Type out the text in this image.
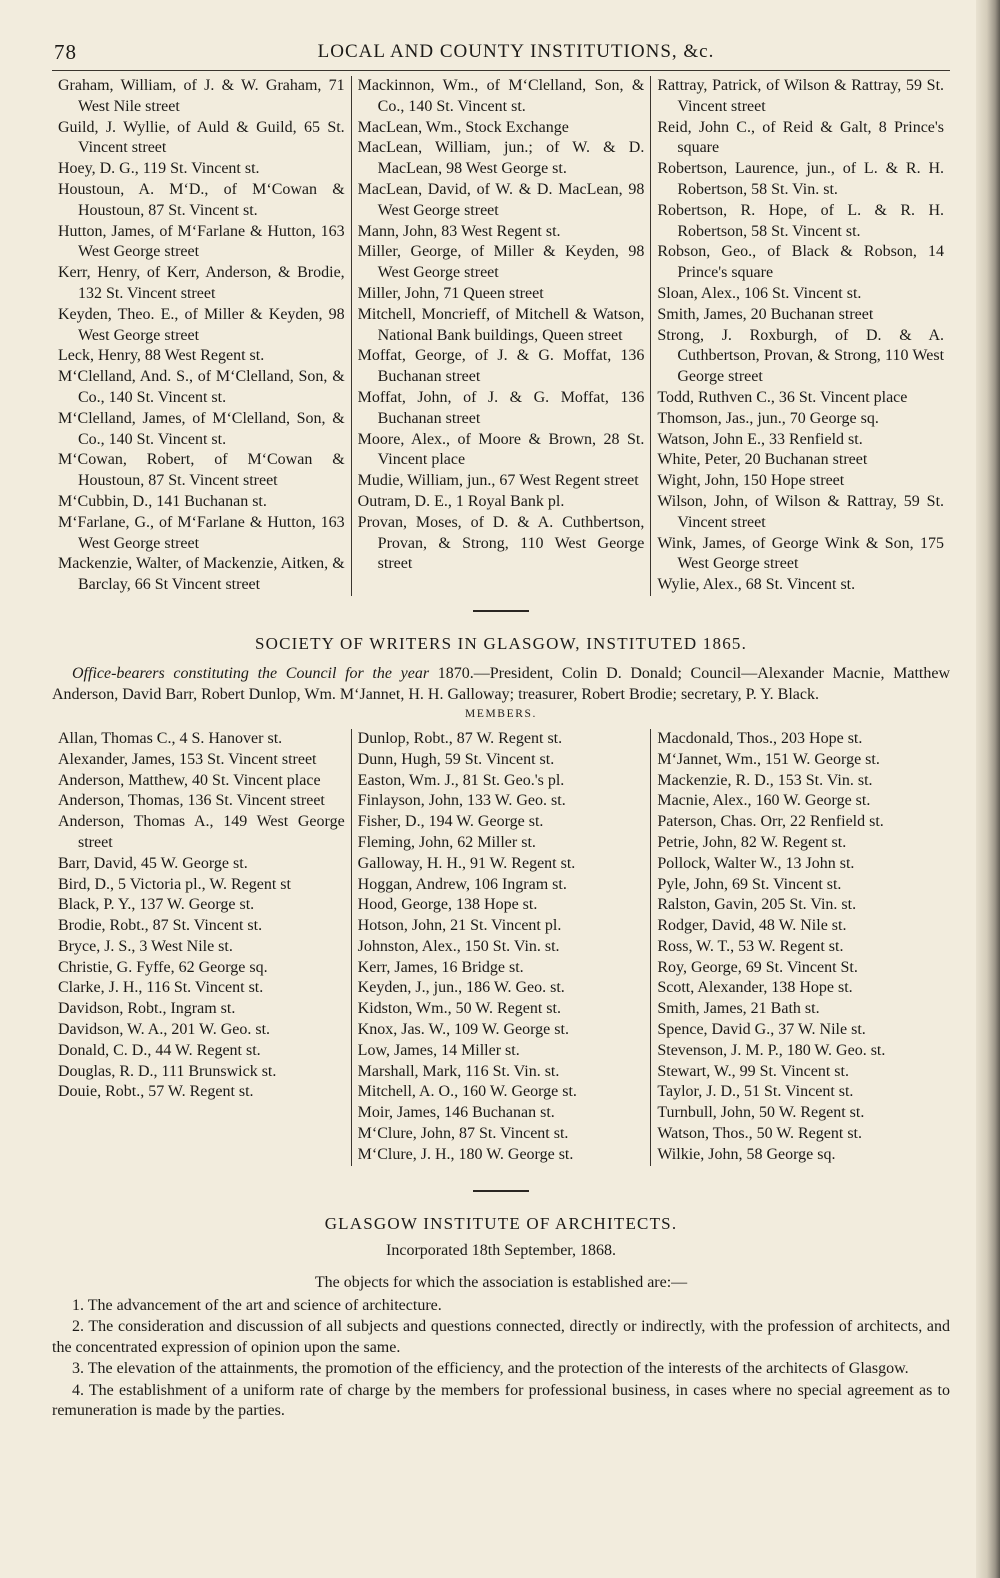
78	LOCAL AND COUNTY INSTITUTIONS, &c.
Graham, William, of J. & W. Graham, 71 West Nile street
Guild, J. Wyllie, of Auld & Guild, 65 St. Vincent street
Hoey, D. G., 119 St. Vincent st.
Houstoun, A. M‘D., of M‘Cowan & Houstoun, 87 St. Vincent st.
Hutton, James, of M‘Farlane & Hutton, 163 West George street
Kerr, Henry, of Kerr, Anderson, & Brodie, 132 St. Vincent street
Keyden, Theo. E., of Miller & Keyden, 98 West George street
Leck, Henry, 88 West Regent st.
M‘Clelland, And. S., of M‘Clelland, Son, & Co., 140 St. Vincent st.
M‘Clelland, James, of M‘Clelland, Son, & Co., 140 St. Vincent st.
M‘Cowan, Robert, of M‘Cowan & Houstoun, 87 St. Vincent street
M‘Cubbin, D., 141 Buchanan st.
M‘Farlane, G., of M‘Farlane & Hutton, 163 West George street
Mackenzie, Walter, of Mackenzie, Aitken, & Barclay, 66 St Vincent street
Mackinnon, Wm., of M‘Clelland, Son, & Co., 140 St. Vincent st.
MacLean, Wm., Stock Exchange
MacLean, William, jun.; of W. & D. MacLean, 98 West George st.
MacLean, David, of W. & D. MacLean, 98 West George street
Mann, John, 83 West Regent st.
Miller, George, of Miller & Keyden, 98 West George street
Miller, John, 71 Queen street
Mitchell, Moncrieff, of Mitchell & Watson, National Bank buildings, Queen street
Moffat, George, of J. & G. Moffat, 136 Buchanan street
Moffat, John, of J. & G. Moffat, 136 Buchanan street
Moore, Alex., of Moore & Brown, 28 St. Vincent place
Mudie, William, jun., 67 West Regent street
Outram, D. E., 1 Royal Bank pl.
Provan, Moses, of D. & A. Cuthbertson, Provan, & Strong, 110 West George street
Rattray, Patrick, of Wilson & Rattray, 59 St. Vincent street
Reid, John C., of Reid & Galt, 8 Prince's square
Robertson, Laurence, jun., of L. & R. H. Robertson, 58 St. Vin. st.
Robertson, R. Hope, of L. & R. H. Robertson, 58 St. Vincent st.
Robson, Geo., of Black & Robson, 14 Prince's square
Sloan, Alex., 106 St. Vincent st.
Smith, James, 20 Buchanan street
Strong, J. Roxburgh, of D. & A. Cuthbertson, Provan, & Strong, 110 West George street
Todd, Ruthven C., 36 St. Vincent place
Thomson, Jas., jun., 70 George sq.
Watson, John E., 33 Renfield st.
White, Peter, 20 Buchanan street
Wight, John, 150 Hope street
Wilson, John, of Wilson & Rattray, 59 St. Vincent street
Wink, James, of George Wink & Son, 175 West George street
Wylie, Alex., 68 St. Vincent st.
SOCIETY OF WRITERS IN GLASGOW, INSTITUTED 1865.
Office-bearers constituting the Council for the year 1870.—President, Colin D. Donald; Council—Alexander Macnie, Matthew Anderson, David Barr, Robert Dunlop, Wm. M‘Jannet, H. H. Galloway; treasurer, Robert Brodie; secretary, P. Y. Black.
MEMBERS.
Allan, Thomas C., 4 S. Hanover st.
Alexander, James, 153 St. Vincent street
Anderson, Matthew, 40 St. Vincent place
Anderson, Thomas, 136 St. Vincent street
Anderson, Thomas A., 149 West George street
Barr, David, 45 W. George st.
Bird, D., 5 Victoria pl., W. Regent st
Black, P. Y., 137 W. George st.
Brodie, Robt., 87 St. Vincent st.
Bryce, J. S., 3 West Nile st.
Christie, G. Fyffe, 62 George sq.
Clarke, J. H., 116 St. Vincent st.
Davidson, Robt., Ingram st.
Davidson, W. A., 201 W. Geo. st.
Donald, C. D., 44 W. Regent st.
Douglas, R. D., 111 Brunswick st.
Douie, Robt., 57 W. Regent st.
Dunlop, Robt., 87 W. Regent st.
Dunn, Hugh, 59 St. Vincent st.
Easton, Wm. J., 81 St. Geo.'s pl.
Finlayson, John, 133 W. Geo. st.
Fisher, D., 194 W. George st.
Fleming, John, 62 Miller st.
Galloway, H. H., 91 W. Regent st.
Hoggan, Andrew, 106 Ingram st.
Hood, George, 138 Hope st.
Hotson, John, 21 St. Vincent pl.
Johnston, Alex., 150 St. Vin. st.
Kerr, James, 16 Bridge st.
Keyden, J., jun., 186 W. Geo. st.
Kidston, Wm., 50 W. Regent st.
Knox, Jas. W., 109 W. George st.
Low, James, 14 Miller st.
Marshall, Mark, 116 St. Vin. st.
Mitchell, A. O., 160 W. George st.
Moir, James, 146 Buchanan st.
M‘Clure, John, 87 St. Vincent st.
M‘Clure, J. H., 180 W. George st.
Macdonald, Thos., 203 Hope st.
M‘Jannet, Wm., 151 W. George st.
Mackenzie, R. D., 153 St. Vin. st.
Macnie, Alex., 160 W. George st.
Paterson, Chas. Orr, 22 Renfield st.
Petrie, John, 82 W. Regent st.
Pollock, Walter W., 13 John st.
Pyle, John, 69 St. Vincent st.
Ralston, Gavin, 205 St. Vin. st.
Rodger, David, 48 W. Nile st.
Ross, W. T., 53 W. Regent st.
Roy, George, 69 St. Vincent St.
Scott, Alexander, 138 Hope st.
Smith, James, 21 Bath st.
Spence, David G., 37 W. Nile st.
Stevenson, J. M. P., 180 W. Geo. st.
Stewart, W., 99 St. Vincent st.
Taylor, J. D., 51 St. Vincent st.
Turnbull, John, 50 W. Regent st.
Watson, Thos., 50 W. Regent st.
Wilkie, John, 58 George sq.
GLASGOW INSTITUTE OF ARCHITECTS.
Incorporated 18th September, 1868.
The objects for which the association is established are:—
1. The advancement of the art and science of architecture.
2. The consideration and discussion of all subjects and questions connected, directly or indirectly, with the profession of architects, and the concentrated expression of opinion upon the same.
3. The elevation of the attainments, the promotion of the efficiency, and the protection of the interests of the architects of Glasgow.
4. The establishment of a uniform rate of charge by the members for professional business, in cases where no special agreement as to remuneration is made by the parties.
